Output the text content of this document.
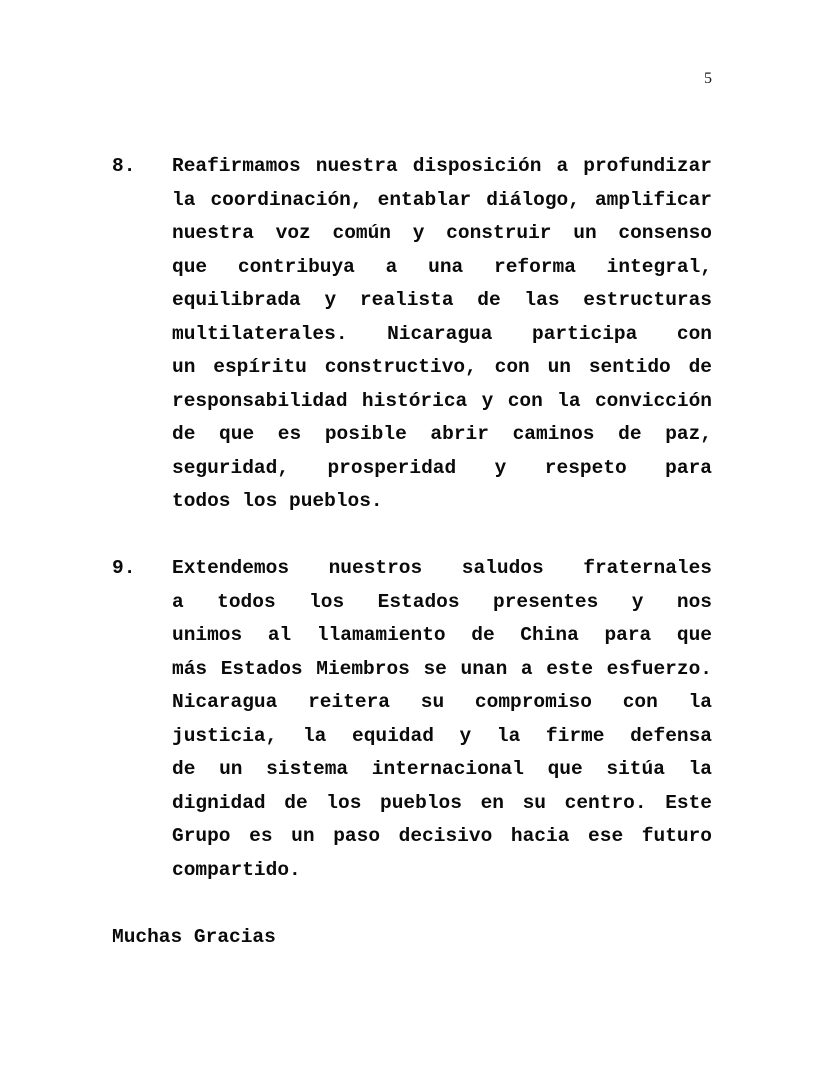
5
8.	Reafirmamos nuestra disposición a profundizar
la coordinación, entablar diálogo, amplificar
nuestra voz común y construir un consenso
que contribuya a una reforma integral,
equilibrada y realista de las estructuras
multilaterales. Nicaragua participa con
un espíritu constructivo, con un sentido de
responsabilidad histórica y con la convicción
de que es posible abrir caminos de paz,
seguridad, prosperidad y respeto para
todos los pueblos.
9.	Extendemos nuestros saludos fraternales
a todos los Estados presentes y nos
unimos al llamamiento de China para que
más Estados Miembros se unan a este esfuerzo.
Nicaragua reitera su compromiso con la
justicia, la equidad y la firme defensa
de un sistema internacional que sitúa la
dignidad de los pueblos en su centro. Este
Grupo es un paso decisivo hacia ese futuro
compartido.
Muchas Gracias
